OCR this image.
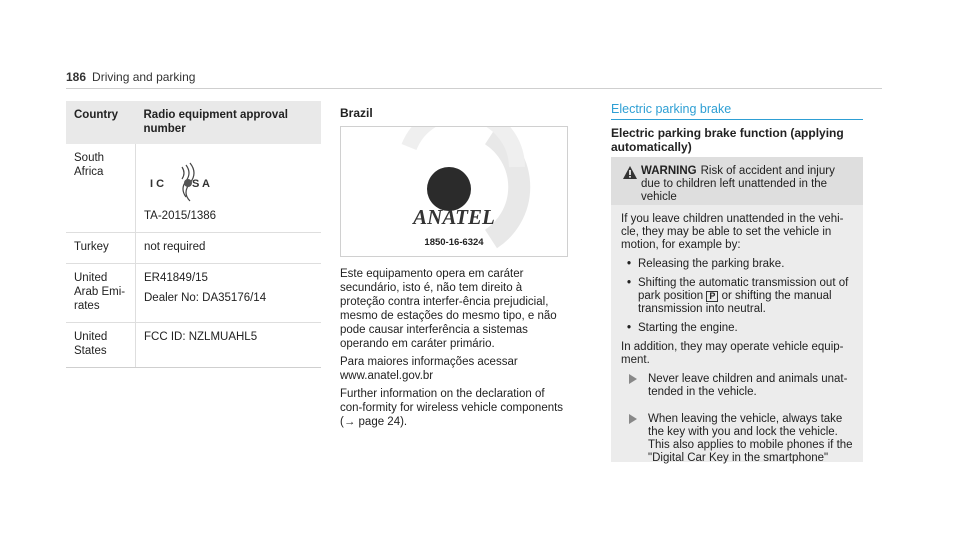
186 Driving and parking
Country	Radio equipment approval number
South Africa	I C S A
TA-2015/1386

Turkey	not required
United Arab Emi-rates	ER41849/15
Dealer No: DA35176/14

United States	FCC ID: NZLMUAHL5
Brazil
ANATEL
1850-16-6324

Este equipamento opera em caráter secundário, isto é, não tem direito à proteção contra interfer-ência prejudicial, mesmo de estações do mesmo tipo, e não pode causar interferência a sistemas operando em caráter primário.

Para maiores informações acessar www.anatel.gov.br

Further information on the declaration of con-formity for wireless vehicle components (→ page 24).

Electric parking brake
Electric parking brake function (applying automatically)
WARNING Risk of accident and injury due to children left unattended in the vehicle

If you leave children unattended in the vehi-cle, they may be able to set the vehicle in motion, for example by:

• Releasing the parking brake.
• Shifting the automatic transmission out of park position P or shifting the manual transmission into neutral.
• Starting the engine.

In addition, they may operate vehicle equip-ment.

Never leave children and animals unat-tended in the vehicle.
When leaving the vehicle, always take the key with you and lock the vehicle. This also applies to mobile phones if the "Digital Car Key in the smartphone"
